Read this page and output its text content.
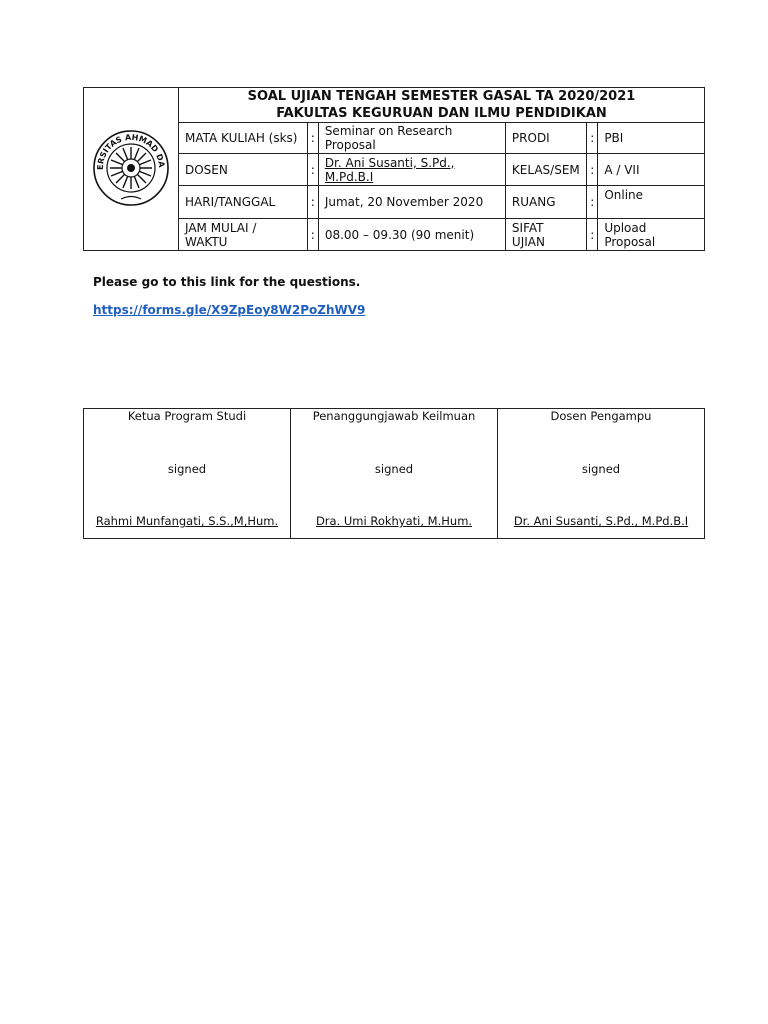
ERSITAS AHMAD DA	SOAL UJIAN TENGAH SEMESTER GASAL TA 2020/2021
FAKULTAS KEGURUAN DAN ILMU PENDIDIKAN					

	MATA KULIAH (sks)	:	Seminar on Research Proposal	PRODI	:	PBI
	DOSEN	:	Dr. Ani Susanti, S.Pd., M.Pd.B.I	KELAS/SEM	:	A / VII
	HARI/TANGGAL	:	Jumat, 20 November 2020	RUANG	:	Online
	JAM MULAI / WAKTU	:	08.00 – 09.30 (90 menit)	SIFAT UJIAN	:	Upload Proposal
Please go to this link for the questions.
https://forms.gle/X9ZpEoy8W2PoZhWV9
Ketua Program Studi
signed
Rahmi Munfangati, S.S.,M,Hum.

Penanggungjawab Keilmuan
signed
Dra. Umi Rokhyati, M.Hum.

Dosen Pengampu
signed
Dr. Ani Susanti, S.Pd., M.Pd.B.I
